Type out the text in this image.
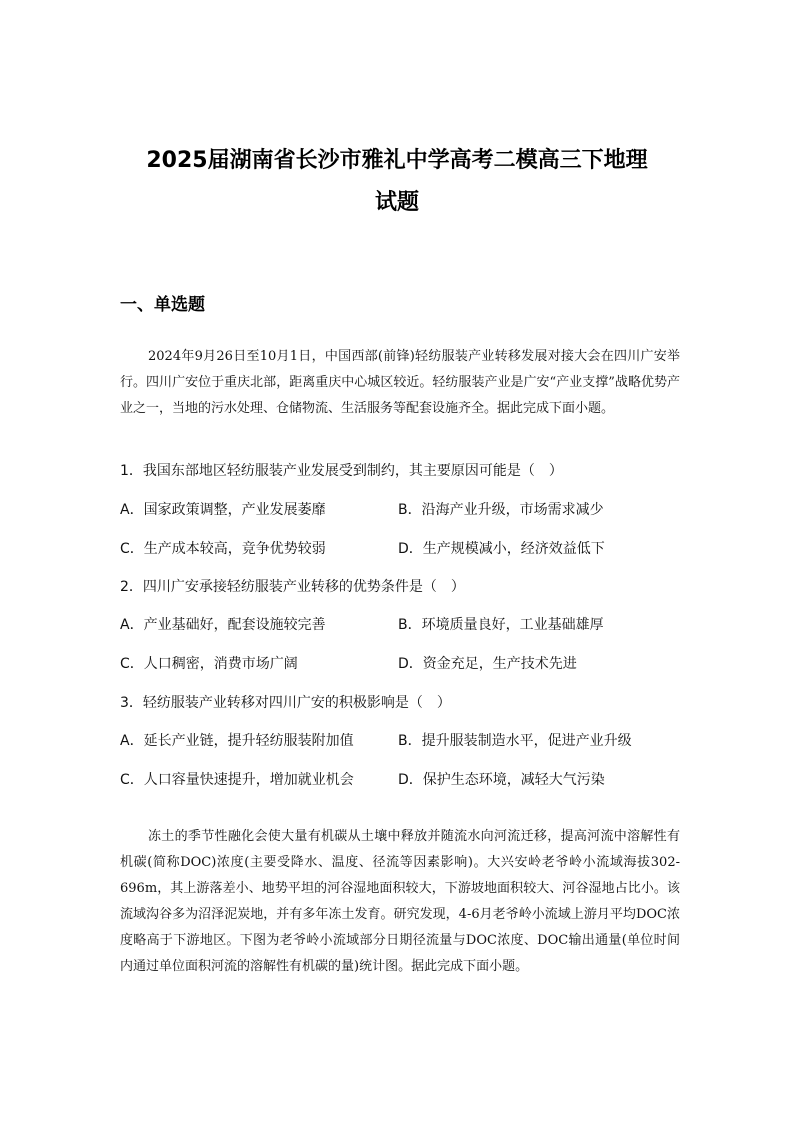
2025届湖南省长沙市雅礼中学高考二模高三下地理
试题
一、单选题

2024年9月26日至10月1日，中国西部(前锋)轻纺服装产业转移发展对接大会在四川广安举行。四川广安位于重庆北部，距离重庆中心城区较近。轻纺服装产业是广安“产业支撑”战略优势产业之一，当地的污水处理、仓储物流、生活服务等配套设施齐全。据此完成下面小题。

1．我国东部地区轻纺服装产业发展受到制约，其主要原因可能是（　）
A．国家政策调整，产业发展萎靡	B．沿海产业升级，市场需求减少
C．生产成本较高，竞争优势较弱	D．生产规模减小，经济效益低下
2．四川广安承接轻纺服装产业转移的优势条件是（　）
A．产业基础好，配套设施较完善	B．环境质量良好，工业基础雄厚
C．人口稠密，消费市场广阔	D．资金充足，生产技术先进
3．轻纺服装产业转移对四川广安的积极影响是（　）
A．延长产业链，提升轻纺服装附加值	B．提升服装制造水平，促进产业升级
C．人口容量快速提升，增加就业机会	D．保护生态环境，减轻大气污染

冻土的季节性融化会使大量有机碳从土壤中释放并随流水向河流迁移，提高河流中溶解性有机碳(简称DOC)浓度(主要受降水、温度、径流等因素影响)。大兴安岭老爷岭小流域海拔302-696m，其上游落差小、地势平坦的河谷湿地面积较大，下游坡地面积较大、河谷湿地占比小。该流域沟谷多为沼泽泥炭地，并有多年冻土发育。研究发现，4-6月老爷岭小流域上游月平均DOC浓度略高于下游地区。下图为老爷岭小流域部分日期径流量与DOC浓度、DOC输出通量(单位时间内通过单位面积河流的溶解性有机碳的量)统计图。据此完成下面小题。
